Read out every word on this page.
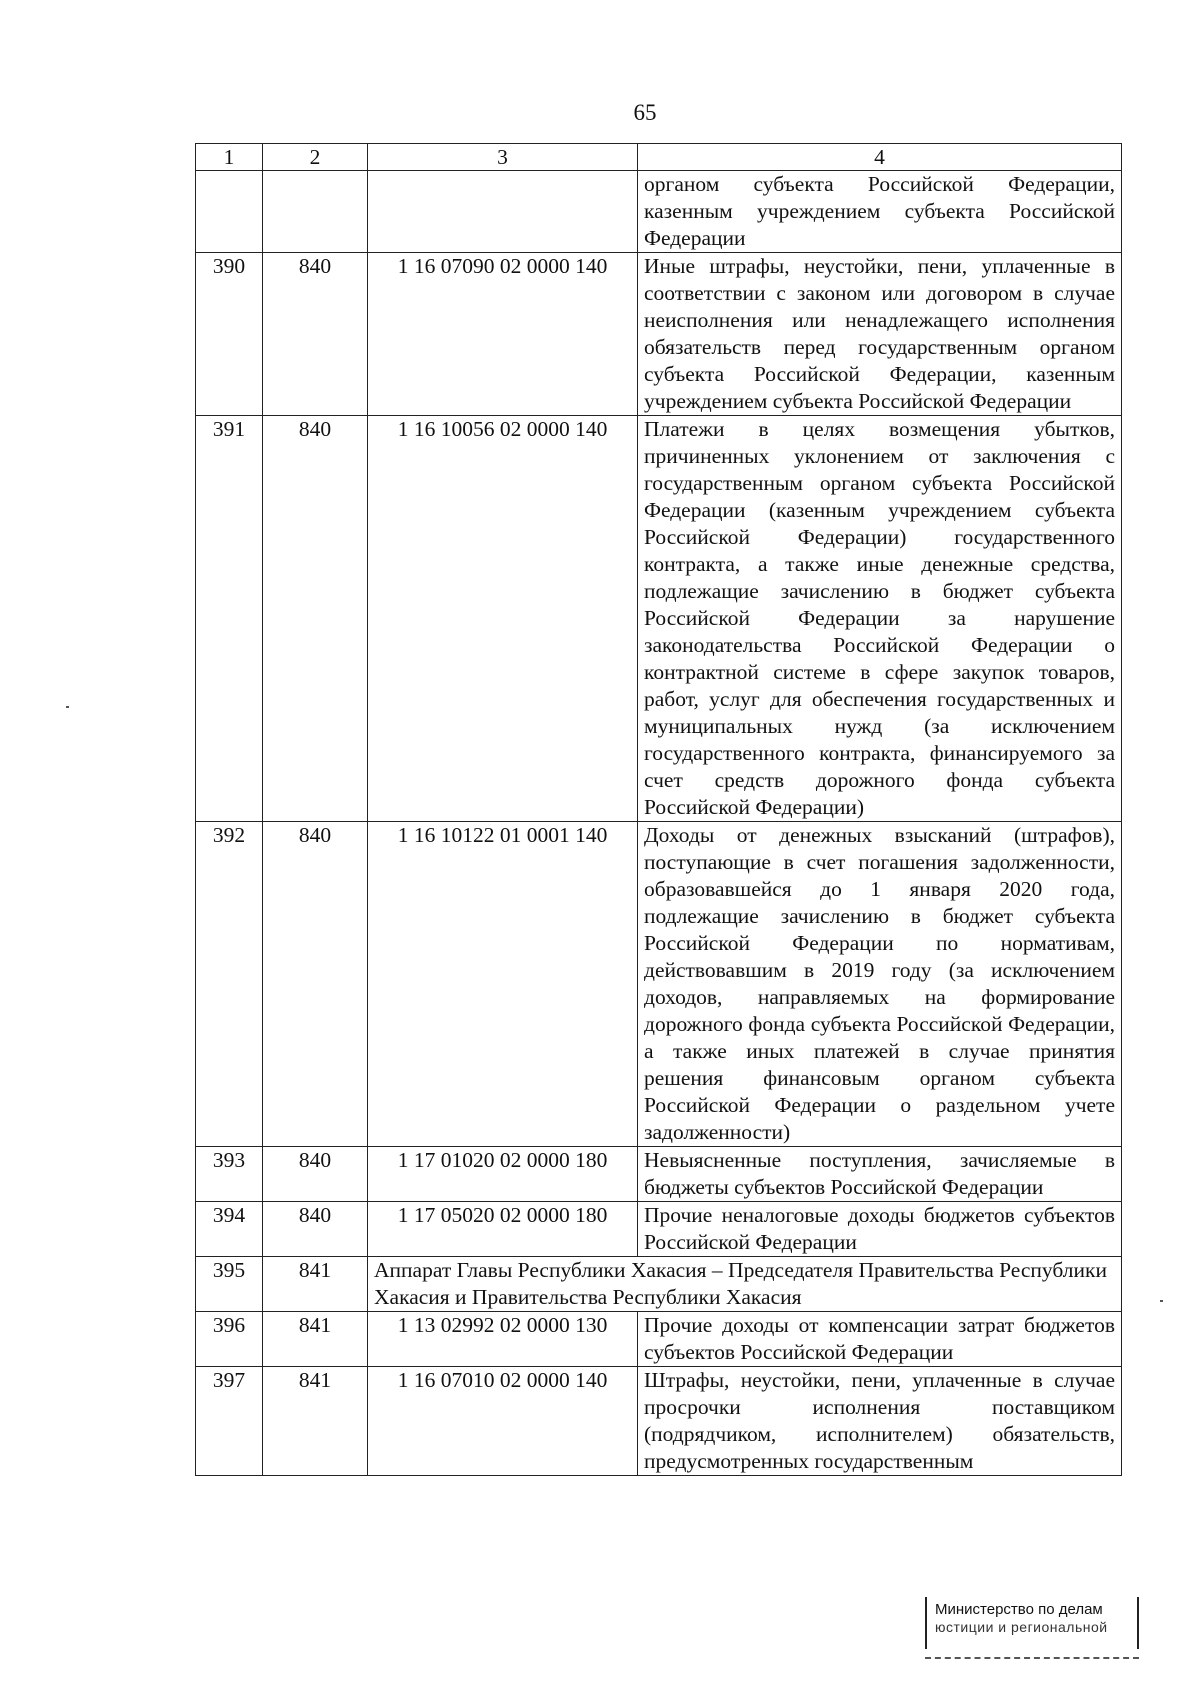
65
1	2	3	4
			органом субъекта Российской Федерации, казенным учреждением субъекта Российской Федерации
390	840	1 16 07090 02 0000 140	Иные штрафы, неустойки, пени, уплаченные в соответствии с законом или договором в случае неисполнения или ненадлежащего исполнения обязательств перед государственным органом субъекта Российской Федерации, казенным учреждением субъекта Российской Федерации
391	840	1 16 10056 02 0000 140	Платежи в целях возмещения убытков, причиненных уклонением от заключения с государственным органом субъекта Российской Федерации (казенным учреждением субъекта Российской Федерации) государственного контракта, а также иные денежные средства, подлежащие зачислению в бюджет субъекта Российской Федерации за нарушение законодательства Российской Федерации о контрактной системе в сфере закупок товаров, работ, услуг для обеспечения государственных и муниципальных нужд (за исключением государственного контракта, финансируемого за счет средств дорожного фонда субъекта Российской Федерации)
392	840	1 16 10122 01 0001 140	Доходы от денежных взысканий (штрафов), поступающие в счет погашения задолженности, образовавшейся до 1 января 2020 года, подлежащие зачислению в бюджет субъекта Российской Федерации по нормативам, действовавшим в 2019 году (за исключением доходов, направляемых на формирование дорожного фонда субъекта Российской Федерации, а также иных платежей в случае принятия решения финансовым органом субъекта Российской Федерации о раздельном учете задолженности)
393	840	1 17 01020 02 0000 180	Невыясненные поступления, зачисляемые в бюджеты субъектов Российской Федерации
394	840	1 17 05020 02 0000 180	Прочие неналоговые доходы бюджетов субъектов Российской Федерации
395	841	Аппарат Главы Республики Хакасия – Председателя Правительства Республики Хакасия и Правительства Республики Хакасия	
396	841	1 13 02992 02 0000 130	Прочие доходы от компенсации затрат бюджетов субъектов Российской Федерации
397	841	1 16 07010 02 0000 140	Штрафы, неустойки, пени, уплаченные в случае просрочки исполнения поставщиком (подрядчиком, исполнителем) обязательств, предусмотренных государственным
Министерство по делам
юстиции и региональной
